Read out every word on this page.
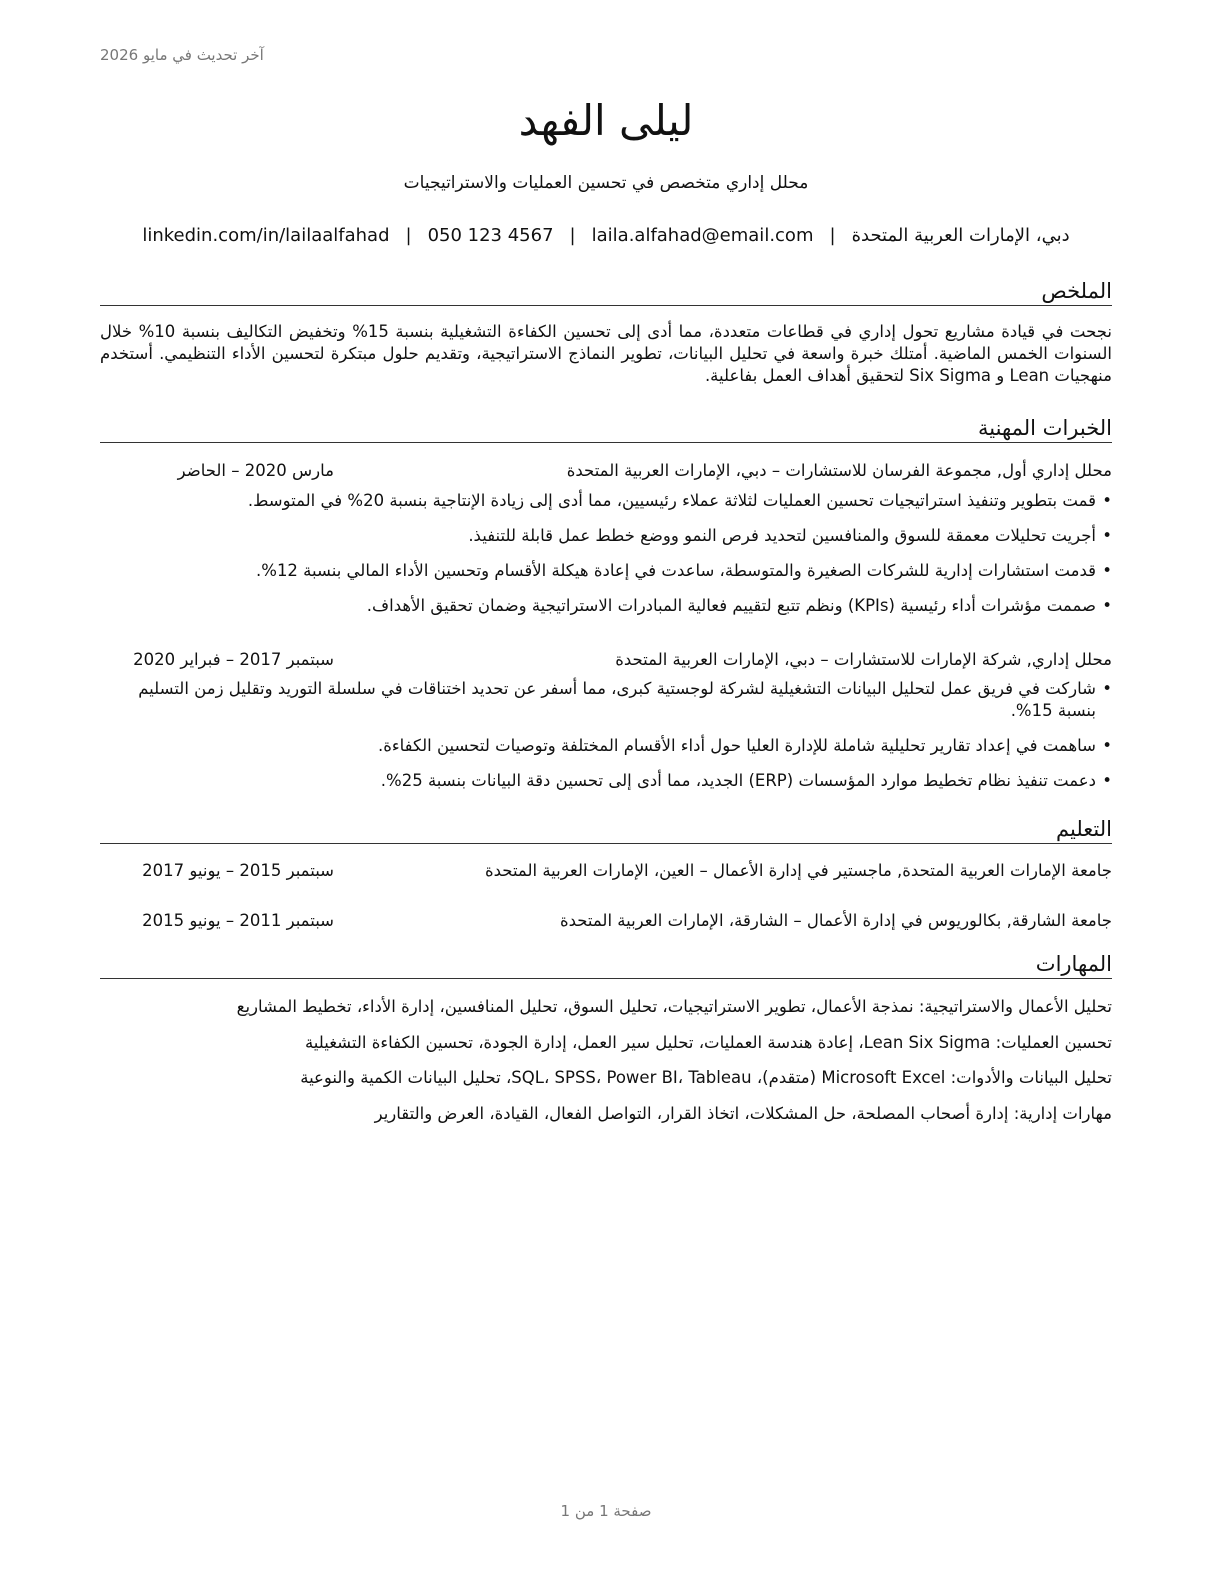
آخر تحديث في مايو 2026
ليلى الفهد
محلل إداري متخصص في تحسين العمليات والاستراتيجيات
دبي، الإمارات العربية المتحدة|laila.alfahad@email.com|050 123 4567|linkedin.com/in/lailaalfahad
الملخص

نجحت في قيادة مشاريع تحول إداري في قطاعات متعددة، مما أدى إلى تحسين الكفاءة التشغيلية بنسبة 15% وتخفيض التكاليف بنسبة 10% خلال السنوات الخمس الماضية. أمتلك خبرة واسعة في تحليل البيانات، تطوير النماذج الاستراتيجية، وتقديم حلول مبتكرة لتحسين الأداء التنظيمي. أستخدم منهجيات Lean و Six Sigma لتحقيق أهداف العمل بفاعلية.

الخبرات المهنية
محلل إداري أول, مجموعة الفرسان للاستشارات – دبي، الإمارات العربية المتحدة
مارس 2020 – الحاضر
• قمت بتطوير وتنفيذ استراتيجيات تحسين العمليات لثلاثة عملاء رئيسيين، مما أدى إلى زيادة الإنتاجية بنسبة 20% في المتوسط.
• أجريت تحليلات معمقة للسوق والمنافسين لتحديد فرص النمو ووضع خطط عمل قابلة للتنفيذ.
• قدمت استشارات إدارية للشركات الصغيرة والمتوسطة، ساعدت في إعادة هيكلة الأقسام وتحسين الأداء المالي بنسبة 12%.
• صممت مؤشرات أداء رئيسية (KPIs) ونظم تتبع لتقييم فعالية المبادرات الاستراتيجية وضمان تحقيق الأهداف.
محلل إداري, شركة الإمارات للاستشارات – دبي، الإمارات العربية المتحدة
سبتمبر 2017 – فبراير 2020
• شاركت في فريق عمل لتحليل البيانات التشغيلية لشركة لوجستية كبرى، مما أسفر عن تحديد اختناقات في سلسلة التوريد وتقليل زمن التسليم بنسبة 15%.
• ساهمت في إعداد تقارير تحليلية شاملة للإدارة العليا حول أداء الأقسام المختلفة وتوصيات لتحسين الكفاءة.
• دعمت تنفيذ نظام تخطيط موارد المؤسسات (ERP) الجديد، مما أدى إلى تحسين دقة البيانات بنسبة 25%.
التعليم
جامعة الإمارات العربية المتحدة, ماجستير في إدارة الأعمال – العين، الإمارات العربية المتحدة
سبتمبر 2015 – يونيو 2017
جامعة الشارقة, بكالوريوس في إدارة الأعمال – الشارقة، الإمارات العربية المتحدة
سبتمبر 2011 – يونيو 2015
المهارات
تحليل الأعمال والاستراتيجية: نمذجة الأعمال، تطوير الاستراتيجيات، تحليل السوق، تحليل المنافسين، إدارة الأداء، تخطيط المشاريع
تحسين العمليات: Lean Six Sigma، إعادة هندسة العمليات، تحليل سير العمل، إدارة الجودة، تحسين الكفاءة التشغيلية
تحليل البيانات والأدوات: Microsoft Excel (متقدم)، SQL، SPSS، Power BI، Tableau، تحليل البيانات الكمية والنوعية
مهارات إدارية: إدارة أصحاب المصلحة، حل المشكلات، اتخاذ القرار، التواصل الفعال، القيادة، العرض والتقارير
صفحة 1 من 1
